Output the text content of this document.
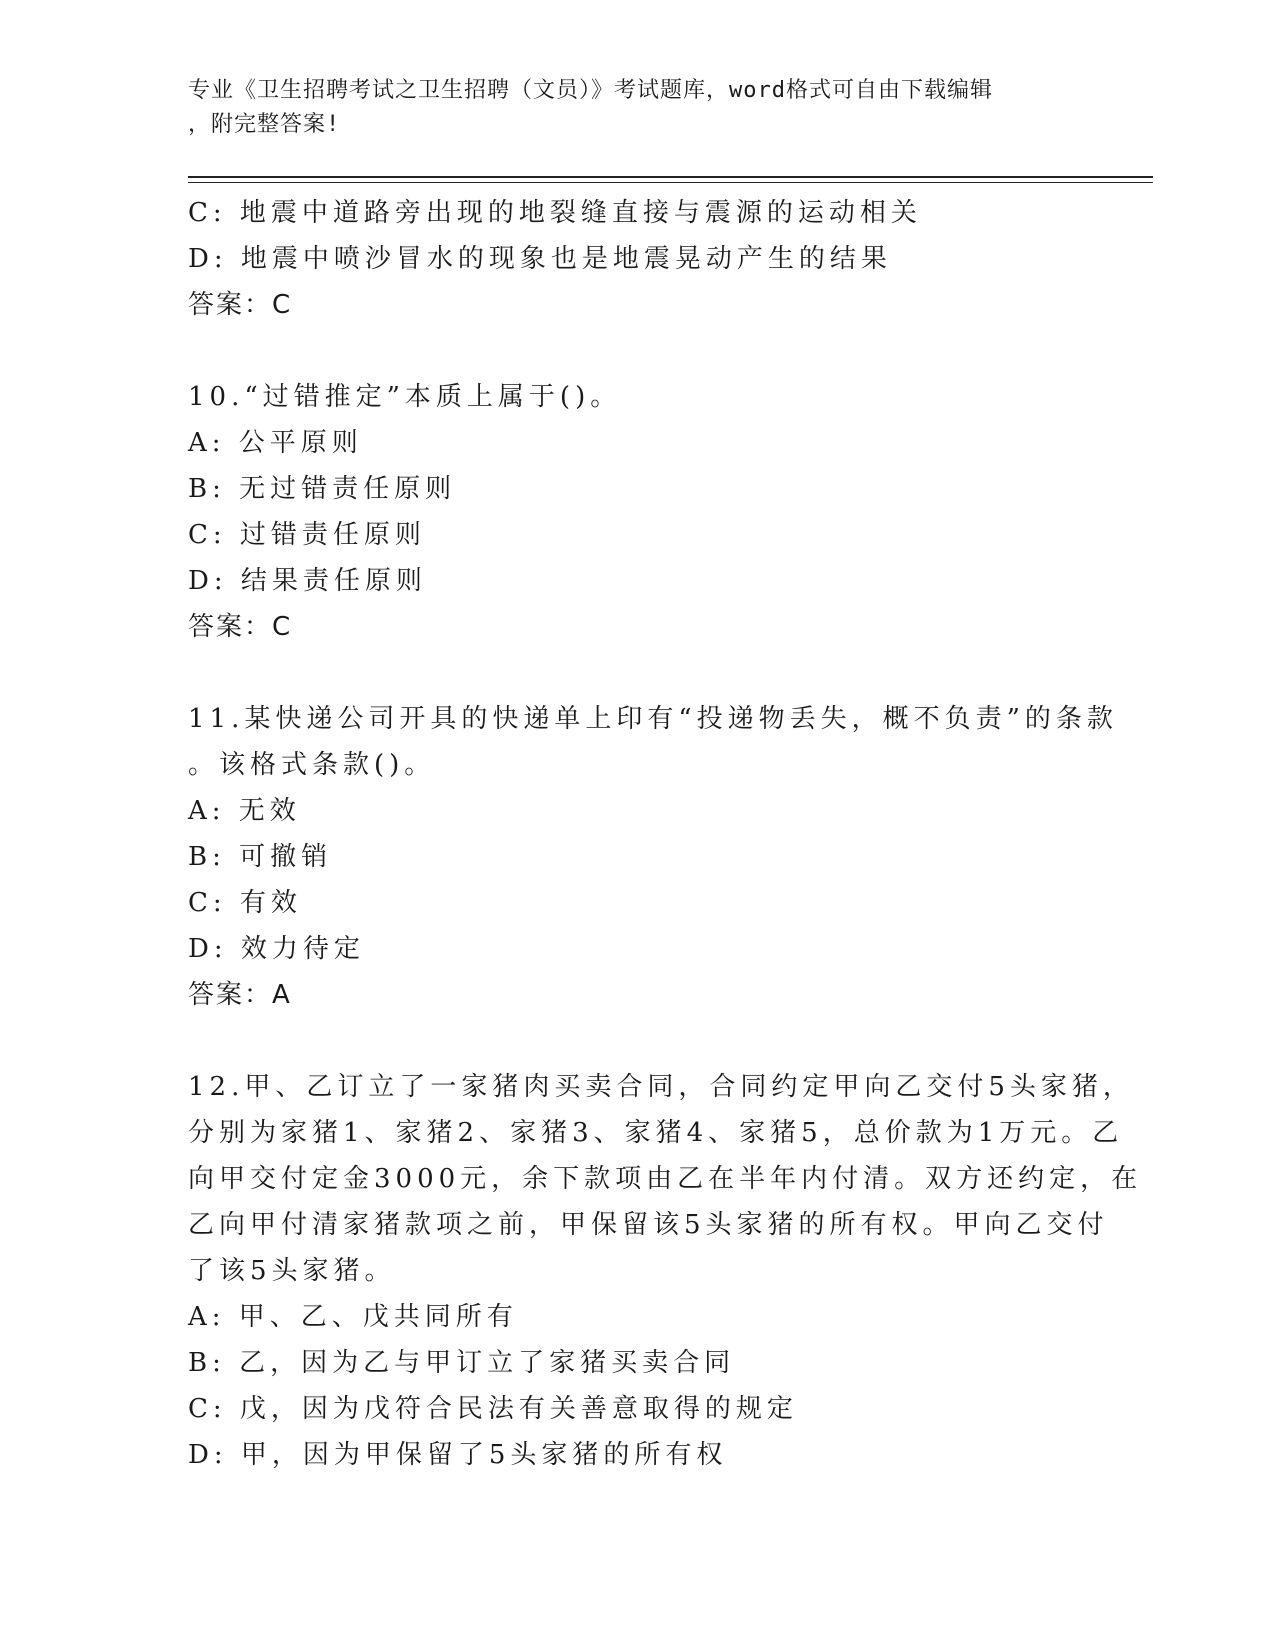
专业《卫生招聘考试之卫生招聘（文员）》考试题库，word格式可自由下载编辑
，附完整答案!
C: 地震中道路旁出现的地裂缝直接与震源的运动相关
D: 地震中喷沙冒水的现象也是地震晃动产生的结果
答案：C
10.“过错推定”本质上属于()。
A: 公平原则
B: 无过错责任原则
C: 过错责任原则
D: 结果责任原则
答案：C
11.某快递公司开具的快递单上印有“投递物丢失，概不负责”的条款
。该格式条款()。
A: 无效
B: 可撤销
C: 有效
D: 效力待定
答案：A
12.甲、乙订立了一家猪肉买卖合同，合同约定甲向乙交付5头家猪，
分别为家猪1、家猪2、家猪3、家猪4、家猪5，总价款为1万元。乙
向甲交付定金3000元，余下款项由乙在半年内付清。双方还约定，在
乙向甲付清家猪款项之前，甲保留该5头家猪的所有权。甲向乙交付
了该5头家猪。
A: 甲、乙、戊共同所有
B: 乙，因为乙与甲订立了家猪买卖合同
C: 戊，因为戊符合民法有关善意取得的规定
D: 甲，因为甲保留了5头家猪的所有权
